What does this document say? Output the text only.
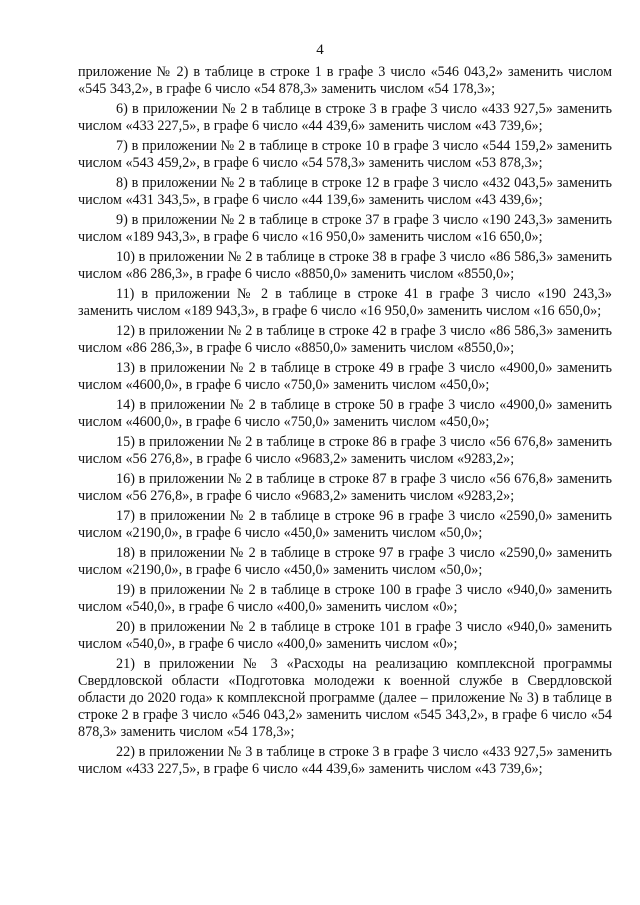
4

приложение № 2) в таблице в строке 1 в графе 3 число «546 043,2» заменить числом «545 343,2», в графе 6 число «54 878,3» заменить числом «54 178,3»;

6) в приложении № 2 в таблице в строке 3 в графе 3 число «433 927,5» заменить числом «433 227,5», в графе 6 число «44 439,6» заменить числом «43 739,6»;

7) в приложении № 2 в таблице в строке 10 в графе 3 число «544 159,2» заменить числом «543 459,2», в графе 6 число «54 578,3» заменить числом «53 878,3»;

8) в приложении № 2 в таблице в строке 12 в графе 3 число «432 043,5» заменить числом «431 343,5», в графе 6 число «44 139,6» заменить числом «43 439,6»;

9) в приложении № 2 в таблице в строке 37 в графе 3 число «190 243,3» заменить числом «189 943,3», в графе 6 число «16 950,0» заменить числом «16 650,0»;

10) в приложении № 2 в таблице в строке 38 в графе 3 число «86 586,3» заменить числом «86 286,3», в графе 6 число «8850,0» заменить числом «8550,0»;

11) в приложении № 2 в таблице в строке 41 в графе 3 число «190 243,3» заменить числом «189 943,3», в графе 6 число «16 950,0» заменить числом «16 650,0»;

12) в приложении № 2 в таблице в строке 42 в графе 3 число «86 586,3» заменить числом «86 286,3», в графе 6 число «8850,0» заменить числом «8550,0»;

13) в приложении № 2 в таблице в строке 49 в графе 3 число «4900,0» заменить числом «4600,0», в графе 6 число «750,0» заменить числом «450,0»;

14) в приложении № 2 в таблице в строке 50 в графе 3 число «4900,0» заменить числом «4600,0», в графе 6 число «750,0» заменить числом «450,0»;

15) в приложении № 2 в таблице в строке 86 в графе 3 число «56 676,8» заменить числом «56 276,8», в графе 6 число «9683,2» заменить числом «9283,2»;

16) в приложении № 2 в таблице в строке 87 в графе 3 число «56 676,8» заменить числом «56 276,8», в графе 6 число «9683,2» заменить числом «9283,2»;

17) в приложении № 2 в таблице в строке 96 в графе 3 число «2590,0» заменить числом «2190,0», в графе 6 число «450,0» заменить числом «50,0»;

18) в приложении № 2 в таблице в строке 97 в графе 3 число «2590,0» заменить числом «2190,0», в графе 6 число «450,0» заменить числом «50,0»;

19) в приложении № 2 в таблице в строке 100 в графе 3 число «940,0» заменить числом «540,0», в графе 6 число «400,0» заменить числом «0»;

20) в приложении № 2 в таблице в строке 101 в графе 3 число «940,0» заменить числом «540,0», в графе 6 число «400,0» заменить числом «0»;

21) в приложении № 3 «Расходы на реализацию комплексной программы Свердловской области «Подготовка молодежи к военной службе в Свердловской области до 2020 года» к комплексной программе (далее – приложение № 3) в таблице в строке 2 в графе 3 число «546 043,2» заменить числом «545 343,2», в графе 6 число «54 878,3» заменить числом «54 178,3»;

22) в приложении № 3 в таблице в строке 3 в графе 3 число «433 927,5» заменить числом «433 227,5», в графе 6 число «44 439,6» заменить числом «43 739,6»;
